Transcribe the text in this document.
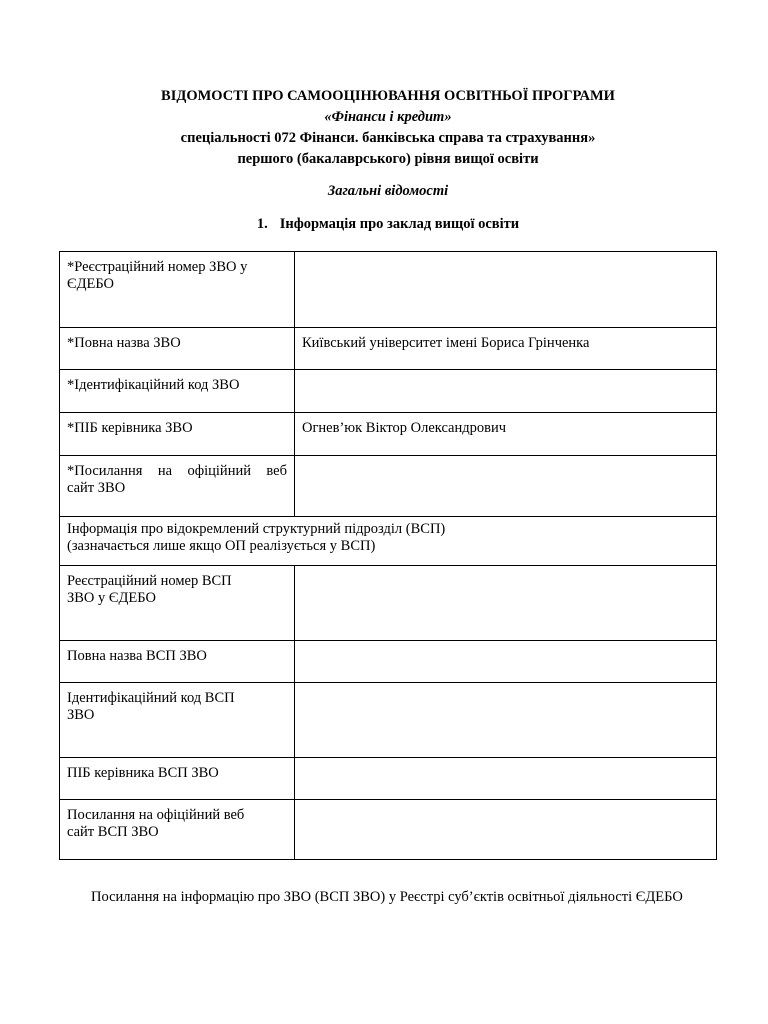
ВІДОМОСТІ ПРО САМООЦІНЮВАННЯ ОСВІТНЬОЇ ПРОГРАМИ
«Фінанси і кредит»
спеціальності 072 Фінанси. банківська справа та страхування»
першого (бакалаврського) рівня вищої освіти
Загальні відомості
1. Інформація про заклад вищої освіти
*Реєстраційний номер ЗВО у ЄДЕБО	
*Повна назва ЗВО	Київський університет імені Бориса Грінченка
*Ідентифікаційний код ЗВО	
*ПІБ керівника ЗВО	Огнев’юк Віктор Олександрович

*Посилання на офіційний веб
сайт ЗВО	

Інформація про відокремлений структурний підрозділ (ВСП)
(зазначається лише якщо ОП реалізується у ВСП)	

Реєстраційний номер ВСП
ЗВО у ЄДЕБО	

Повна назва ВСП ЗВО	

Ідентифікаційний код ВСП
ЗВО	

ПІБ керівника ВСП ЗВО	

Посилання на офіційний веб
сайт ВСП ЗВО	

Посилання на інформацію про ЗВО (ВСП ЗВО) у Реєстрі суб’єктів освітньої діяльності ЄДЕБО
